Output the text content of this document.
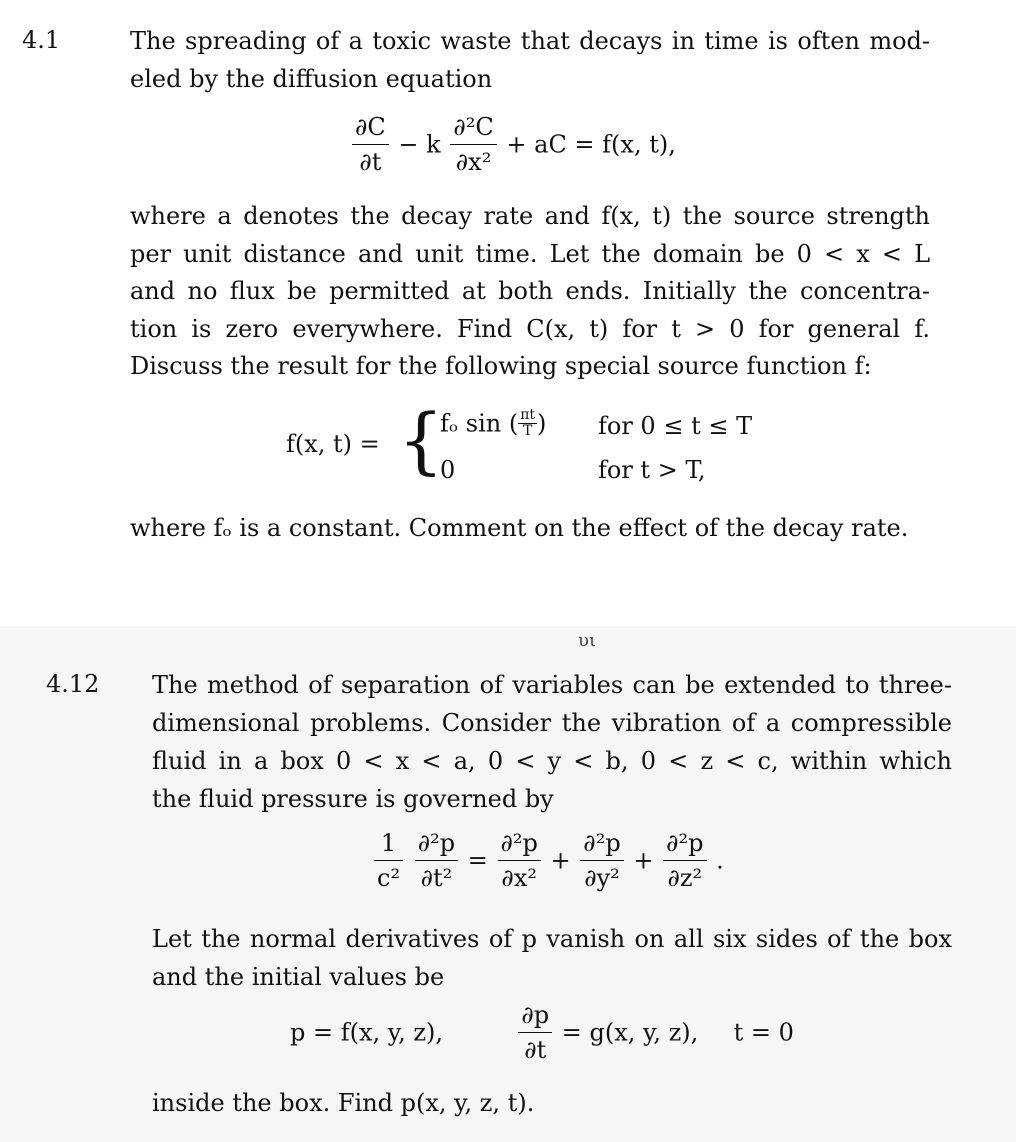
4.1	The spreading of a toxic waste that decays in time is often mod-
eled by the diffusion equation
$\frac{\partial C}{\partial t} - k \frac{\text{∂²C}}{\text{∂x²}}$ + aC = f(x, t),
where a denotes the decay rate and f(x, t) the source strength
per unit distance and unit time. Let the domain be 0 < x < L
and no flux be permitted at both ends. Initially the concentra-
tion is zero everywhere. Find C(x, t) for t > 0 for general f.
Discuss the result for the following special source function f:
f(x, t) = {
fₒ sin ( $\frac{\pi t}{T}$ ) for 0 ≤ t ≤ T
0	for t > T,
where fₒ is a constant. Comment on the effect of the decay rate.
υι
4.12 The method of separation of variables can be extended to three-
dimensional problems. Consider the vibration of a compressible
fluid in a box 0 < x < a, 0 < y < b, 0 < z < c, within which
the fluid pressure is governed by
$\frac{1}{\text{c²}}$
$\frac{\text{∂²p}}{\text{∂t²}} = \frac{\text{∂²p}}{\text{∂x²}} + \frac{\text{∂²p}}{\text{∂y²}} + \frac{\text{∂²p}}{\text{∂z²}}$ .
Let the normal derivatives of p vanish on all six sides of the box
and the initial values be
p = f(x, y, z),	$\frac{\partial p}{\partial t} = g(x$, y, z), t = 0
inside the box. Find p(x, y, z, t).
